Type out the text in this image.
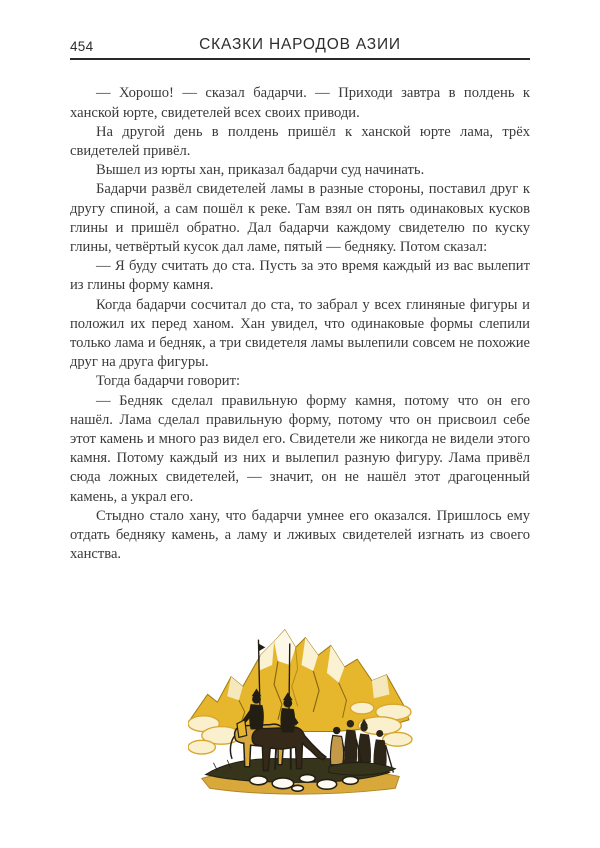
454	СКАЗКИ НАРОДОВ АЗИИ

— Хорошо! — сказал бадарчи. — Приходи завтра в полдень к ханской юрте, свидетелей всех своих приводи.

На другой день в полдень пришёл к ханской юрте лама, трёх свидетелей привёл.

Вышел из юрты хан, приказал бадарчи суд начинать.

Бадарчи развёл свидетелей ламы в разные стороны, поставил друг к другу спиной, а сам пошёл к реке. Там взял он пять одинаковых кусков глины и пришёл обратно. Дал бадарчи каждому свидетелю по куску глины, четвёртый кусок дал ламе, пятый — бедняку. Потом сказал:

— Я буду считать до ста. Пусть за это время каждый из вас вылепит из глины форму камня.

Когда бадарчи сосчитал до ста, то забрал у всех глиняные фигуры и положил их перед ханом. Хан увидел, что одинаковые формы слепили только лама и бедняк, а три свидетеля ламы вылепили совсем не похожие друг на друга фигуры.

Тогда бадарчи говорит:

— Бедняк сделал правильную форму камня, потому что он его нашёл. Лама сделал правильную форму, потому что он присвоил себе этот камень и много раз видел его. Свидетели же никогда не видели этого камня. Потому каждый из них и вылепил разную фигуру. Лама привёл сюда ложных свидетелей, — значит, он не нашёл этот драгоценный камень, а украл его.

Стыдно стало хану, что бадарчи умнее его оказался. Пришлось ему отдать бедняку камень, а ламу и лживых свидетелей изгнать из своего ханства.
